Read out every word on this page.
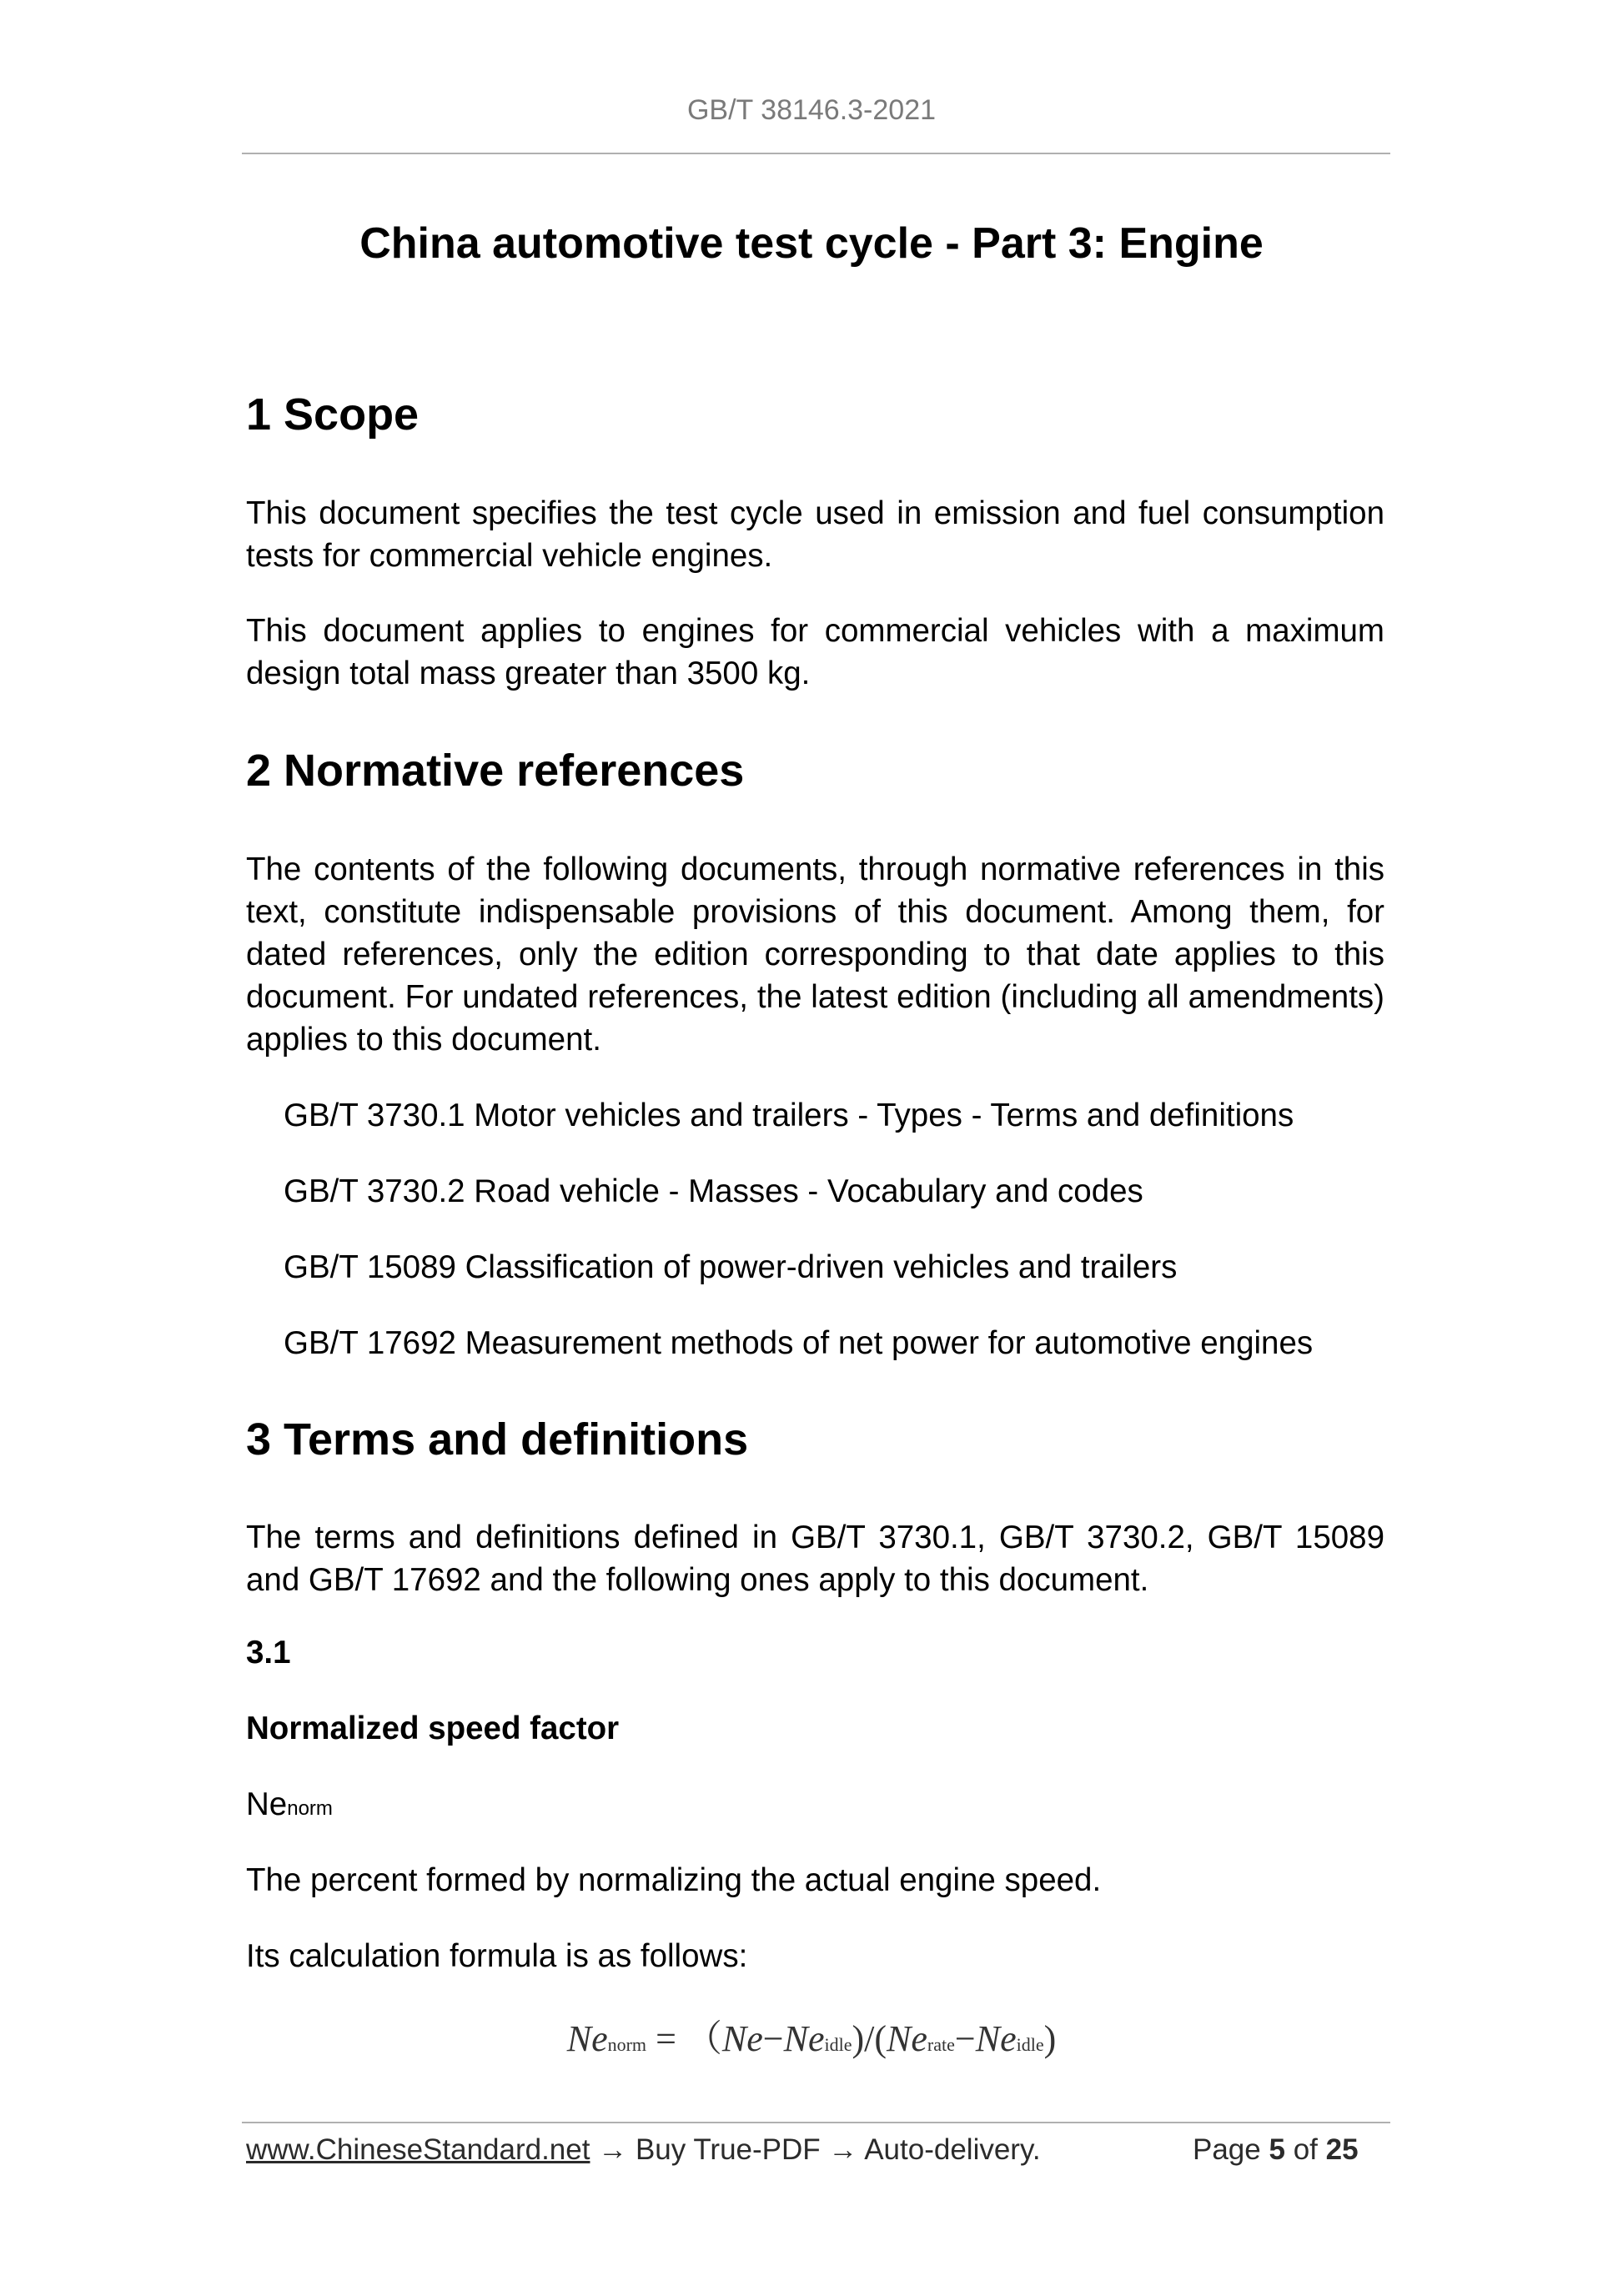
GB/T 38146.3-2021
China automotive test cycle - Part 3: Engine
1 Scope

This document specifies the test cycle used in emission and fuel consumption tests for commercial vehicle engines.

This document applies to engines for commercial vehicles with a maximum design total mass greater than 3500 kg.

2 Normative references

The contents of the following documents, through normative references in this text, constitute indispensable provisions of this document. Among them, for dated references, only the edition corresponding to that date applies to this document. For undated references, the latest edition (including all amendments) applies to this document.

GB/T 3730.1 Motor vehicles and trailers - Types - Terms and definitions
GB/T 3730.2 Road vehicle - Masses - Vocabulary and codes
GB/T 15089 Classification of power-driven vehicles and trailers
GB/T 17692 Measurement methods of net power for automotive engines
3 Terms and definitions

The terms and definitions defined in GB/T 3730.1, GB/T 3730.2, GB/T 15089 and GB/T 17692 and the following ones apply to this document.

3.1
Normalized speed factor
Nenorm
The percent formed by normalizing the actual engine speed.
Its calculation formula is as follows:
Nenorm = （Ne−Neidle)/(Nerate−Neidle)
www.ChineseStandard.net → Buy True-PDF → Auto-delivery.	Page 5 of 25
